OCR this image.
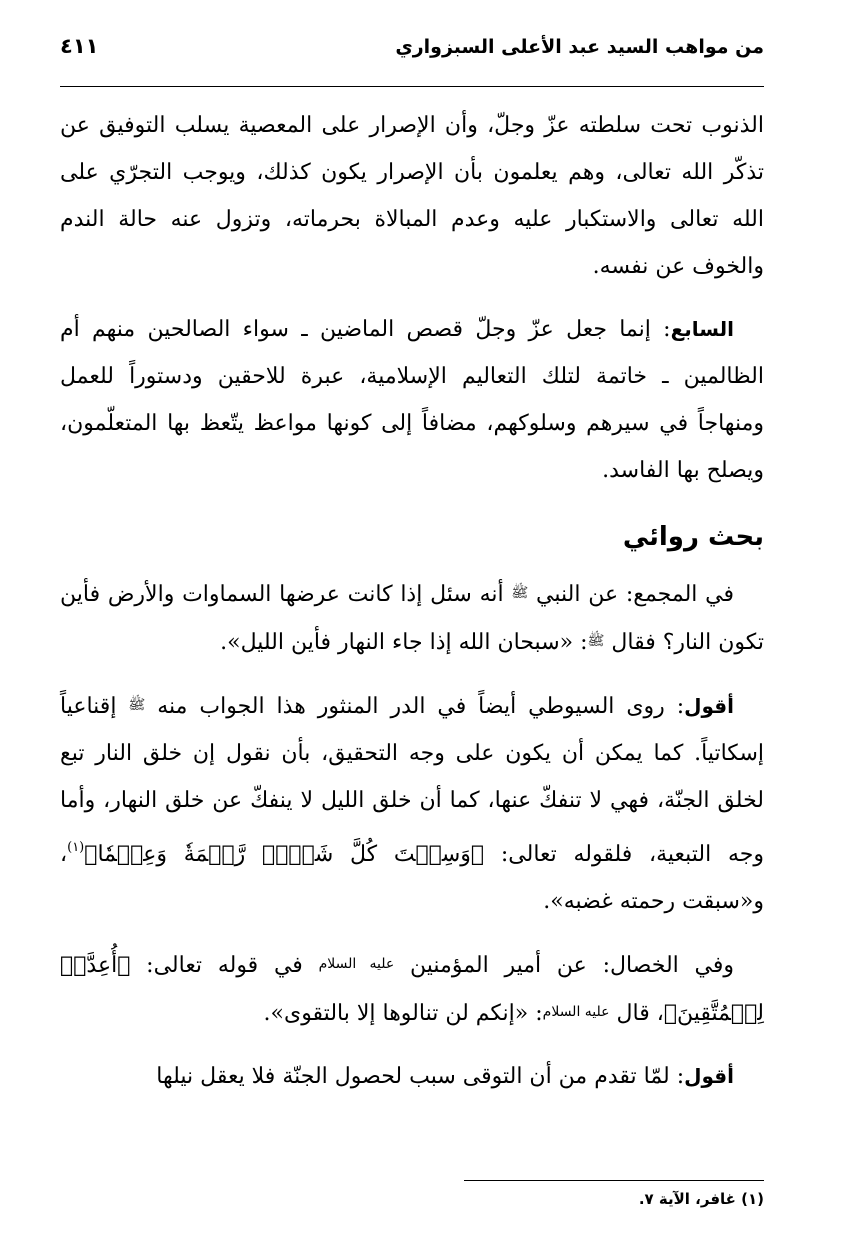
من مواهب السيد عبد الأعلى السبزواري
٤١١

الذنوب تحت سلطته عزّ وجلّ، وأن الإصرار على المعصية يسلب التوفيق عن تذكّر الله تعالى، وهم يعلمون بأن الإصرار يكون كذلك، ويوجب التجرّي على الله تعالى والاستكبار عليه وعدم المبالاة بحرماته، وتزول عنه حالة الندم والخوف عن نفسه.

السابع: إنما جعل عزّ وجلّ قصص الماضين ـ سواء الصالحين منهم أم الظالمين ـ خاتمة لتلك التعاليم الإسلامية، عبرة للاحقين ودستوراً للعمل ومنهاجاً في سيرهم وسلوكهم، مضافاً إلى كونها مواعظ يتّعظ بها المتعلّمون، ويصلح بها الفاسد.

بحث روائي

في المجمع: عن النبي ﷺ أنه سئل إذا كانت عرضها السماوات والأرض فأين تكون النار؟ فقال ﷺ: «سبحان الله إذا جاء النهار فأين الليل».

أقول: روى السيوطي أيضاً في الدر المنثور هذا الجواب منه ﷺ إقناعياً إسكاتياً. كما يمكن أن يكون على وجه التحقيق، بأن نقول إن خلق النار تبع لخلق الجنّة، فهي لا تنفكّ عنها، كما أن خلق الليل لا ينفكّ عن خلق النهار، وأما وجه التبعية، فلقوله تعالى: ﴿وَسِعۡتَ كُلَّ شَيۡءٖ رَّحۡمَةٗ وَعِلۡمٗا﴾$^{(١)}$، و«سبقت رحمته غضبه».

وفي الخصال: عن أمير المؤمنين عليه السلام في قوله تعالى: ﴿أُعِدَّتۡ لِلۡمُتَّقِينَ﴾، قال عليه السلام: «إنكم لن تنالوها إلا بالتقوى».

أقول: لمّا تقدم من أن التوقى سبب لحصول الجنّة فلا يعقل نيلها

(١) غافر، الآية ٧.
